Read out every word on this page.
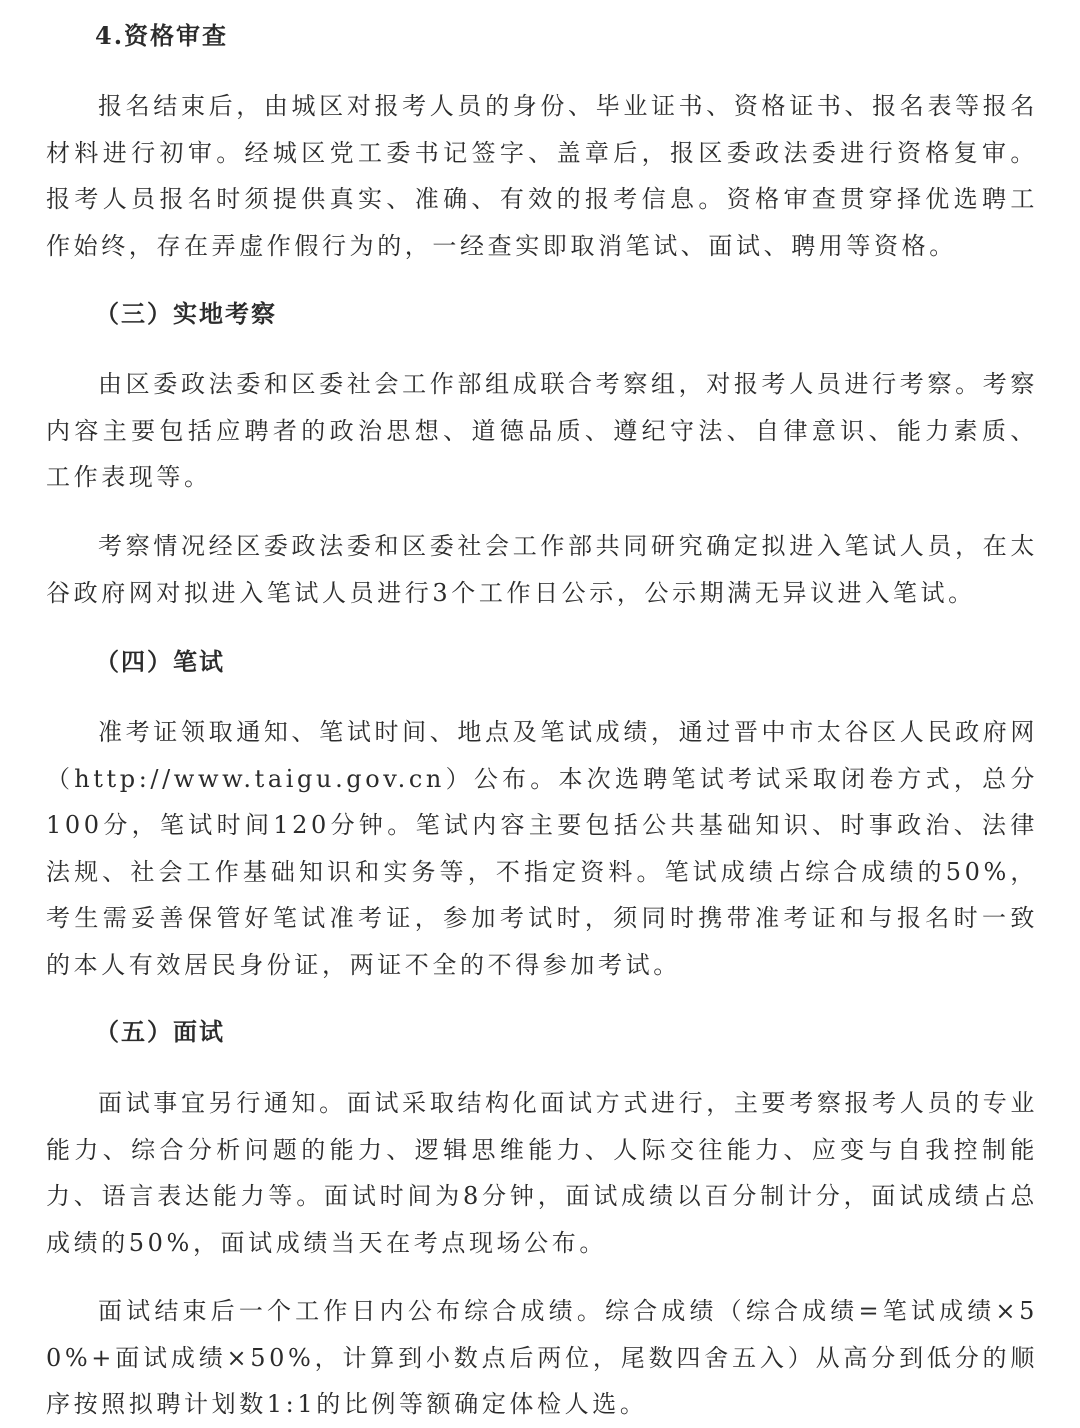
4.资格审查
报名结束后，由城区对报考人员的身份、毕业证书、资格证书、报名表等报名材料进行初审。经城区党工委书记签字、盖章后，报区委政法委进行资格复审。报考人员报名时须提供真实、准确、有效的报考信息。资格审查贯穿择优选聘工作始终，存在弄虚作假行为的，一经查实即取消笔试、面试、聘用等资格。
（三）实地考察
由区委政法委和区委社会工作部组成联合考察组，对报考人员进行考察。考察内容主要包括应聘者的政治思想、道德品质、遵纪守法、自律意识、能力素质、工作表现等。
考察情况经区委政法委和区委社会工作部共同研究确定拟进入笔试人员，在太谷政府网对拟进入笔试人员进行3个工作日公示，公示期满无异议进入笔试。
（四）笔试
准考证领取通知、笔试时间、地点及笔试成绩，通过晋中市太谷区人民政府网（http://www.taigu.gov.cn）公布。本次选聘笔试考试采取闭卷方式，总分100分，笔试时间120分钟。笔试内容主要包括公共基础知识、时事政治、法律法规、社会工作基础知识和实务等，不指定资料。笔试成绩占综合成绩的50%，考生需妥善保管好笔试准考证，参加考试时，须同时携带准考证和与报名时一致的本人有效居民身份证，两证不全的不得参加考试。
（五）面试
面试事宜另行通知。面试采取结构化面试方式进行，主要考察报考人员的专业能力、综合分析问题的能力、逻辑思维能力、人际交往能力、应变与自我控制能力、语言表达能力等。面试时间为8分钟，面试成绩以百分制计分，面试成绩占总成绩的50%，面试成绩当天在考点现场公布。
面试结束后一个工作日内公布综合成绩。综合成绩（综合成绩=笔试成绩×50%+面试成绩×50%，计算到小数点后两位，尾数四舍五入）从高分到低分的顺序按照拟聘计划数1:1的比例等额确定体检人选。
